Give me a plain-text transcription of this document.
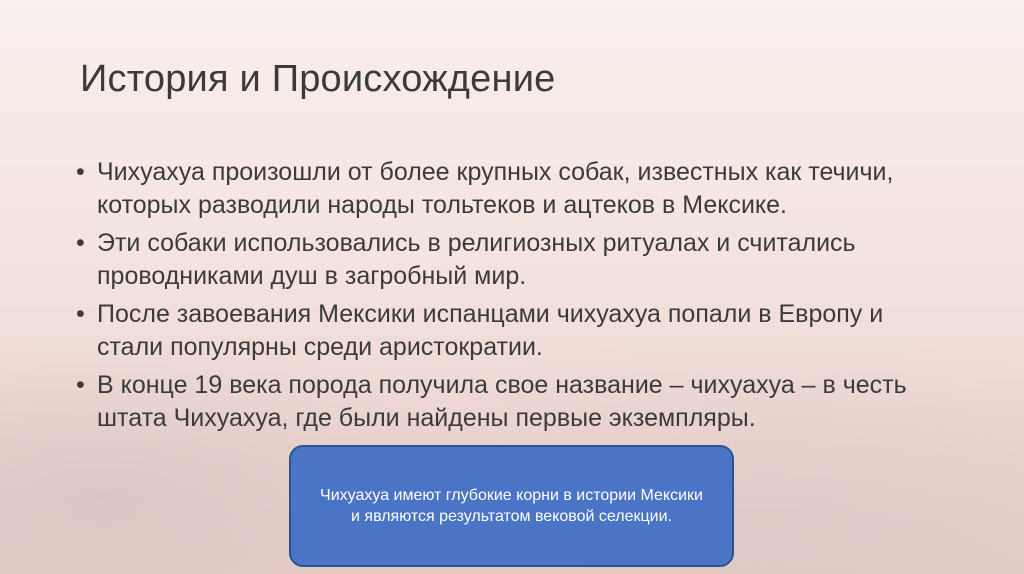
История и Происхождение
• Чихуахуа произошли от более крупных собак, известных как течичи, которых разводили народы тольтеков и ацтеков в Мексике.
• Эти собаки использовались в религиозных ритуалах и считались проводниками душ в загробный мир.
• После завоевания Мексики испанцами чихуахуа попали в Европу и стали популярны среди аристократии.
• В конце 19 века порода получила свое название – чихуахуа – в честь штата Чихуахуа, где были найдены первые экземпляры.
Чихуахуа имеют глубокие корни в истории Мексики и являются результатом вековой селекции.
